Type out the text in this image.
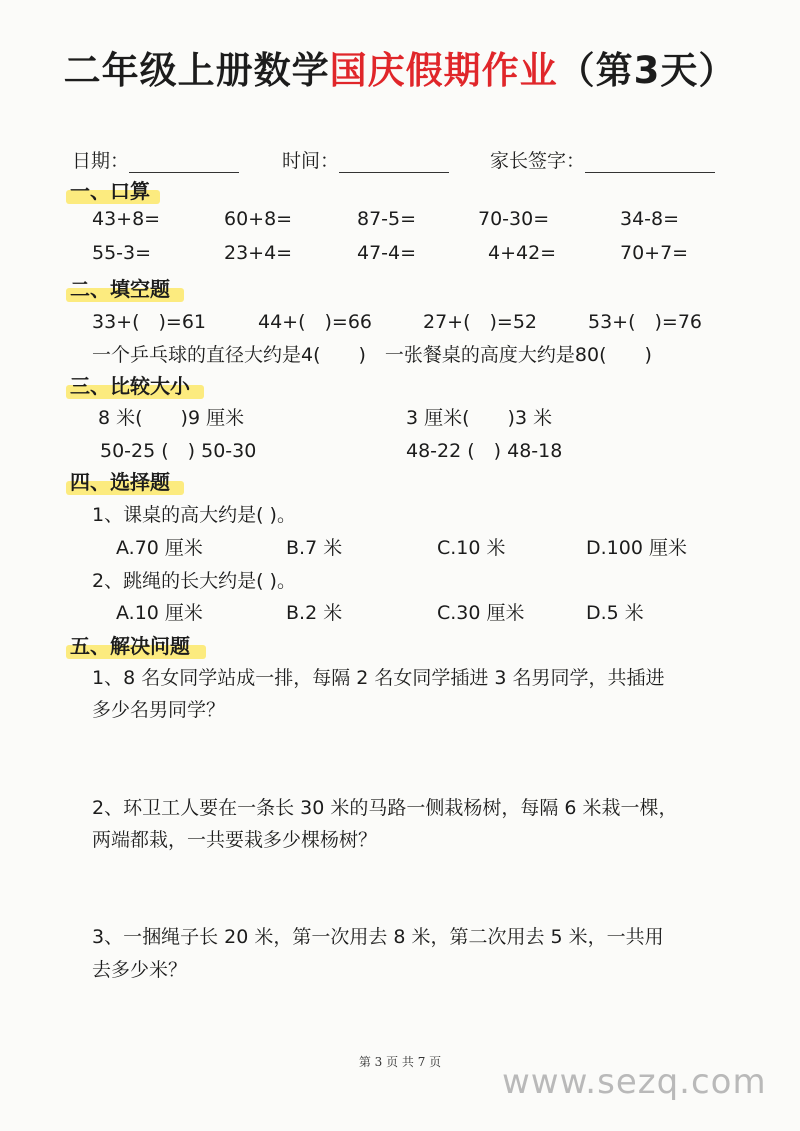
二年级上册数学国庆假期作业（第3天）
日期：	时间：	家长签字：
一、口算
43+8=	60+8=	87-5=	70-30=	34-8=
55-3=	23+4=	47-4=	4+42=	70+7=
二、填空题
33+(　)=61	44+(　)=66	27+(　)=52	53+(　)=76
一个乒乓球的直径大约是4(　　)　一张餐桌的高度大约是80(　　)
三、比较大小
8 米(　　)9 厘米	3 厘米(　　)3 米
50-25 (　) 50-30	48-22 (　) 48-18
四、选择题
1、课桌的高大约是( )。
A.70 厘米	B.7 米	C.10 米	D.100 厘米
2、跳绳的长大约是( )。
A.10 厘米	B.2 米	C.30 厘米	D.5 米
五、解决问题
1、8 名女同学站成一排，每隔 2 名女同学插进 3 名男同学，共插进
多少名男同学？
2、环卫工人要在一条长 30 米的马路一侧栽杨树，每隔 6 米栽一棵，
两端都栽，一共要栽多少棵杨树？
3、一捆绳子长 20 米，第一次用去 8 米，第二次用去 5 米，一共用
去多少米？
第 3 页 共 7 页	www.sezq.com
